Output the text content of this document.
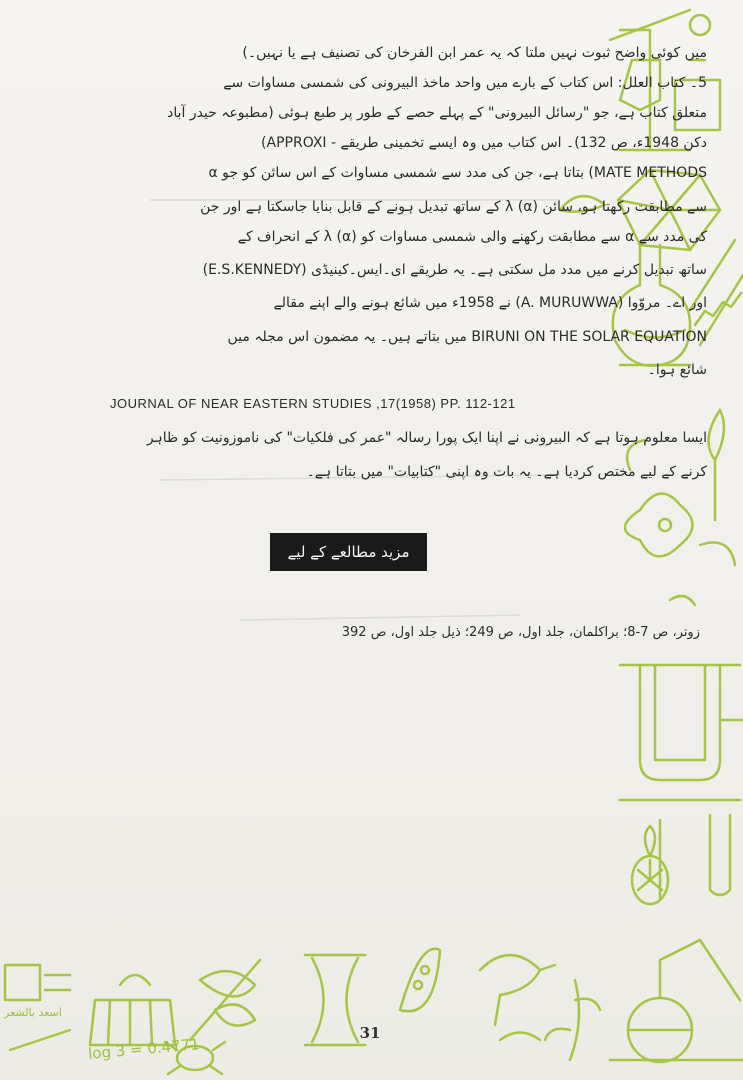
میں کوئی واضح ثبوت نہیں ملتا کہ یہ عمر ابن الفرخان کی تصنیف ہے یا نہیں۔)
5۔ کتاب العلل: اس کتاب کے بارے میں واحد ماخذ البیرونی کی شمسی مساوات سے
متعلق کتاب ہے، جو "رسائل البیرونی" کے پہلے حصے کے طور پر طبع ہوئی (مطبوعہ حیدر آباد
دکن 1948ء، ص 132)۔ اس کتاب میں وہ ایسے تخمینی طریقے - APPROXI)
MATE METHODS) بتاتا ہے، جن کی مدد سے شمسی مساوات کے اس سائن کو جو α
سے مطابقت رکھتا ہو، سائن (α) λ کے ساتھ تبدیل ہونے کے قابل بنایا جاسکتا ہے اور جن
کی مدد سے α سے مطابقت رکھنے والی شمسی مساوات کو (α) λ کے انحراف کے
ساتھ تبدیل کرنے میں مدد مل سکتی ہے۔ یہ طریقے ای۔ایس۔کینیڈی (E.S.KENNEDY)
اور اے۔ مروّوا (A. MURUWWA) نے 1958ء میں شائع ہونے والے اپنے مقالے
BIRUNI ON THE SOLAR EQUATION میں بتاتے ہیں۔ یہ مضمون اس مجلہ میں
شائع ہوا۔
JOURNAL OF NEAR EASTERN STUDIES ,17(1958) PP. 112-121
ایسا معلوم ہوتا ہے کہ البیرونی نے اپنا ایک پورا رسالہ "عمر کی فلکیات" کی ناموزونیت کو ظاہر
کرنے کے لیے مختص کردیا ہے۔ یہ بات وہ اپنی "کتابیات" میں بتاتا ہے۔
مزید مطالعے کے لیے
زوتر، ص 7-8؛ براکلمان، جلد اول، ص 249؛ ذیل جلد اول، ص 392
31
log 3 = 0.4771
اسعد بالشعر
